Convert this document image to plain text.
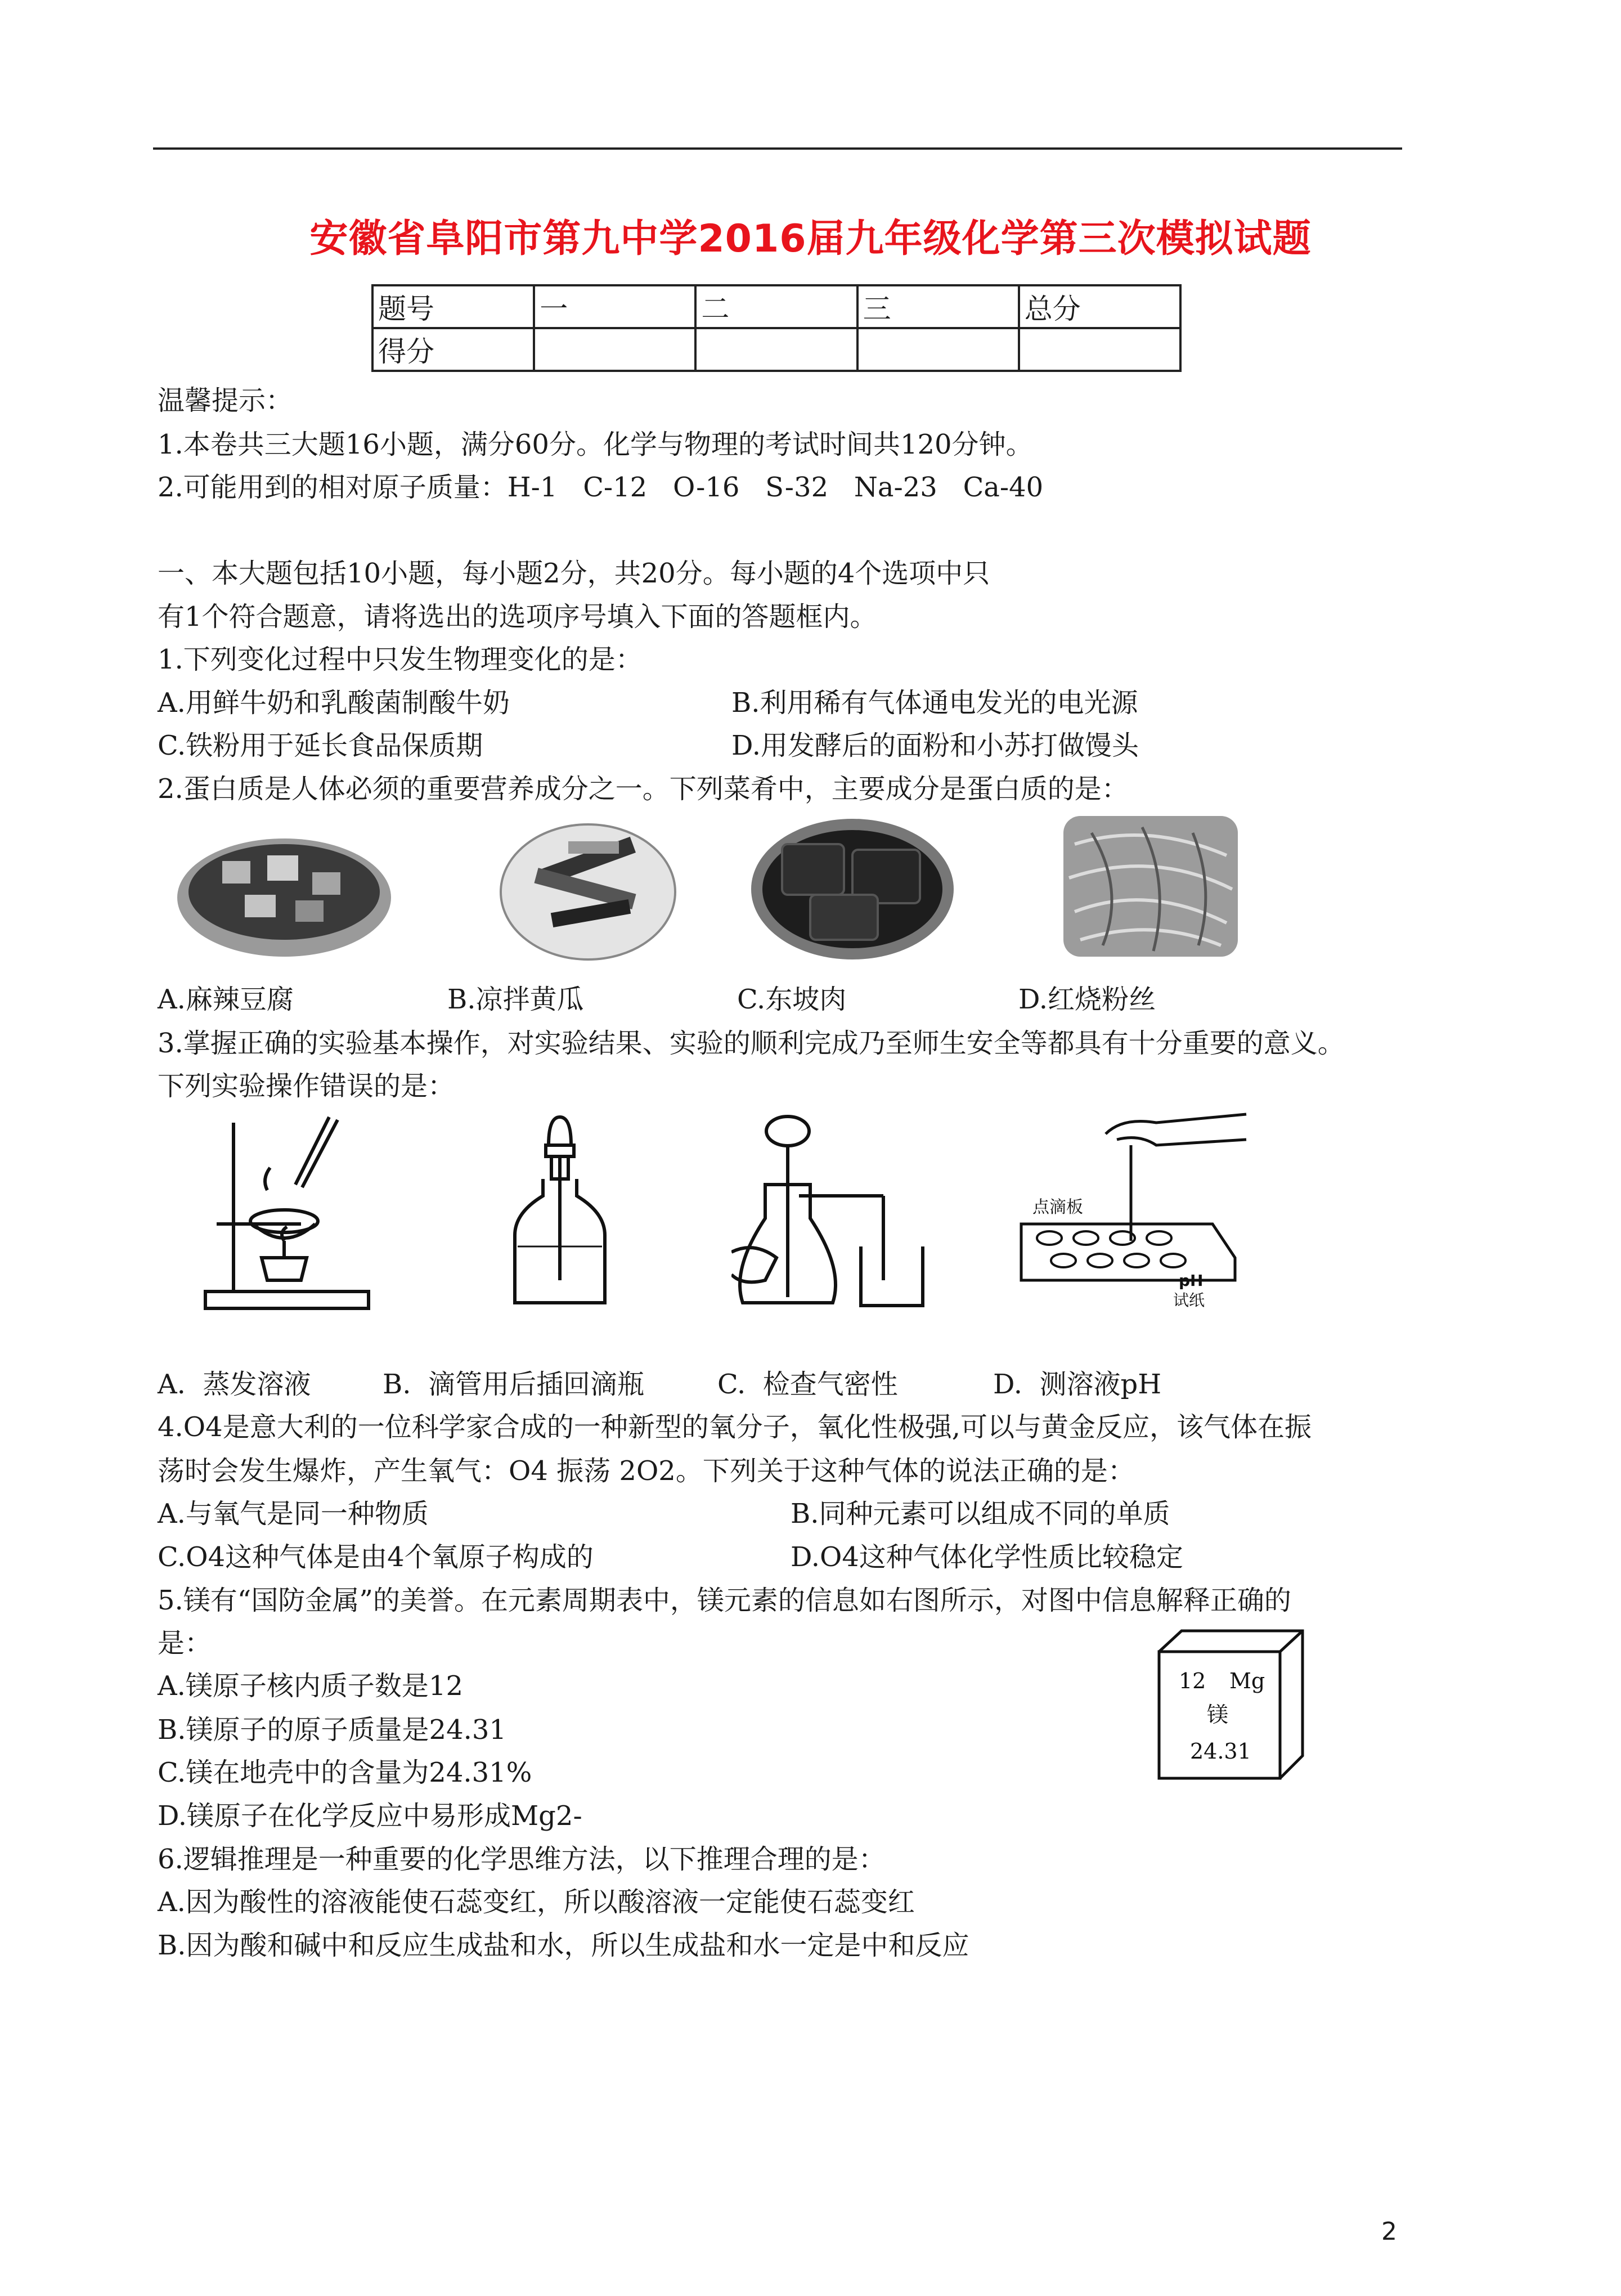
安徽省阜阳市第九中学2016届九年级化学第三次模拟试题
题号	一	二	三	总分
得分				
温馨提示：
1.本卷共三大题16小题，满分60分。化学与物理的考试时间共120分钟。
2.可能用到的相对原子质量：H-1   C-12   O-16   S-32   Na-23   Ca-40
一、本大题包括10小题，每小题2分，共20分。每小题的4个选项中只
有1个符合题意，请将选出的选项序号填入下面的答题框内。
1.下列变化过程中只发生物理变化的是：
A.用鲜牛奶和乳酸菌制酸牛奶	B.利用稀有气体通电发光的电光源
C.铁粉用于延长食品保质期	D.用发酵后的面粉和小苏打做馒头
2.蛋白质是人体必须的重要营养成分之一。下列菜肴中，主要成分是蛋白质的是：
A.麻辣豆腐	B.凉拌黄瓜	C.东坡肉	D.红烧粉丝
3.掌握正确的实验基本操作，对实验结果、实验的顺利完成乃至师生安全等都具有十分重要的意义。
下列实验操作错误的是：
点滴板
pH
试纸
A.  蒸发溶液	B.  滴管用后插回滴瓶	C.  检查气密性	D.  测溶液pH
4.O4是意大利的一位科学家合成的一种新型的氧分子，氧化性极强,可以与黄金反应，该气体在振
荡时会发生爆炸，产生氧气：O4 振荡 2O2。下列关于这种气体的说法正确的是：
A.与氧气是同一种物质	B.同种元素可以组成不同的单质
C.O4这种气体是由4个氧原子构成的	D.O4这种气体化学性质比较稳定
5.镁有“国防金属”的美誉。在元素周期表中，镁元素的信息如右图所示，对图中信息解释正确的
是：
A.镁原子核内质子数是12
B.镁原子的原子质量是24.31
C.镁在地壳中的含量为24.31%
D.镁原子在化学反应中易形成Mg2-
12 Mg
镁
24.31
6.逻辑推理是一种重要的化学思维方法，以下推理合理的是：
A.因为酸性的溶液能使石蕊变红，所以酸溶液一定能使石蕊变红
B.因为酸和碱中和反应生成盐和水，所以生成盐和水一定是中和反应
2
